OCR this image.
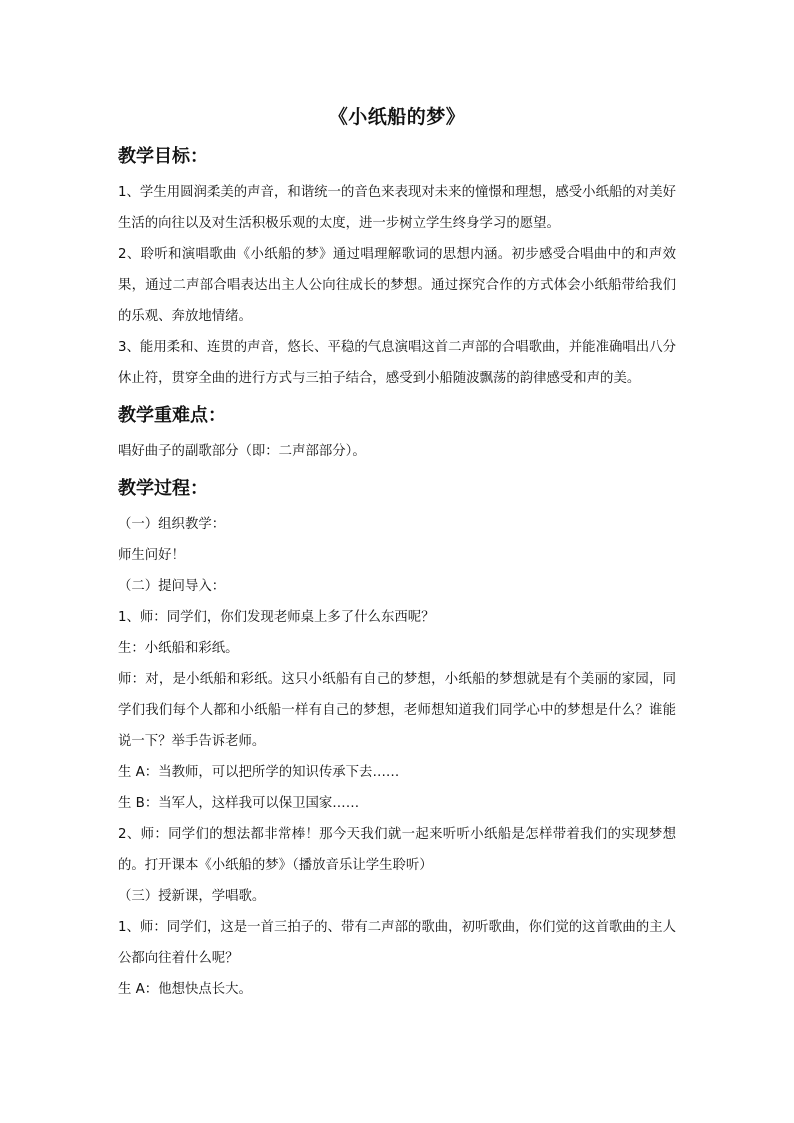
《小纸船的梦》
教学目标：

1、学生用圆润柔美的声音，和谐统一的音色来表现对未来的憧憬和理想，感受小纸船的对美好生活的向往以及对生活积极乐观的太度，进一步树立学生终身学习的愿望。

2、聆听和演唱歌曲《小纸船的梦》通过唱理解歌词的思想内涵。初步感受合唱曲中的和声效果，通过二声部合唱表达出主人公向往成长的梦想。通过探究合作的方式体会小纸船带给我们的乐观、奔放地情绪。

3、能用柔和、连贯的声音，悠长、平稳的气息演唱这首二声部的合唱歌曲，并能准确唱出八分休止符，贯穿全曲的进行方式与三拍子结合，感受到小船随波飘荡的韵律感受和声的美。

教学重难点：

唱好曲子的副歌部分（即：二声部部分）。

教学过程：

（一）组织教学：

师生问好！

（二）提问导入：

1、师：同学们，你们发现老师桌上多了什么东西呢？

生：小纸船和彩纸。

师：对，是小纸船和彩纸。这只小纸船有自己的梦想，小纸船的梦想就是有个美丽的家园，同学们我们每个人都和小纸船一样有自己的梦想，老师想知道我们同学心中的梦想是什么？谁能说一下？举手告诉老师。

生 A：当教师，可以把所学的知识传承下去……

生 B：当军人，这样我可以保卫国家……

2、师：同学们的想法都非常棒！那今天我们就一起来听听小纸船是怎样带着我们的实现梦想的。打开课本《小纸船的梦》（播放音乐让学生聆听）

（三）授新课，学唱歌。

1、师：同学们，这是一首三拍子的、带有二声部的歌曲，初听歌曲，你们觉的这首歌曲的主人公都向往着什么呢？

生 A：他想快点长大。
